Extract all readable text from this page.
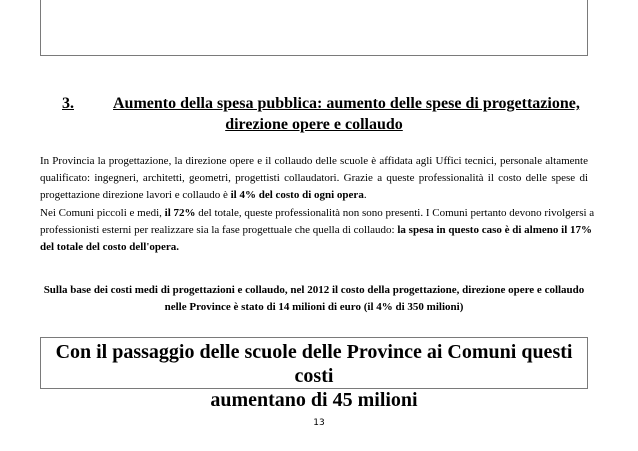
3. Aumento della spesa pubblica: aumento delle spese di progettazione,
direzione opere e collaudo
In Provincia la progettazione, la direzione opere e il collaudo delle scuole è affidata agli Uffici tecnici, personale altamente
qualificato: ingegneri, architetti, geometri, progettisti collaudatori. Grazie a queste professionalità il costo delle spese di
progettazione direzione lavori e collaudo è il 4% del costo di ogni opera.
Nei Comuni piccoli e medi, il 72% del totale, queste professionalità non sono presenti. I Comuni pertanto devono rivolgersi a
professionisti esterni per realizzare sia la fase progettuale che quella di collaudo: la spesa in questo caso è di almeno il 17%
del totale del costo dell'opera.
Sulla base dei costi medi di progettazioni e collaudo, nel 2012 il costo della progettazione, direzione opere e collaudo
nelle Province è stato di 14 milioni di euro (il 4% di 350 milioni)
Con il passaggio delle scuole delle Province ai Comuni questi costi
aumentano di 45 milioni
13
